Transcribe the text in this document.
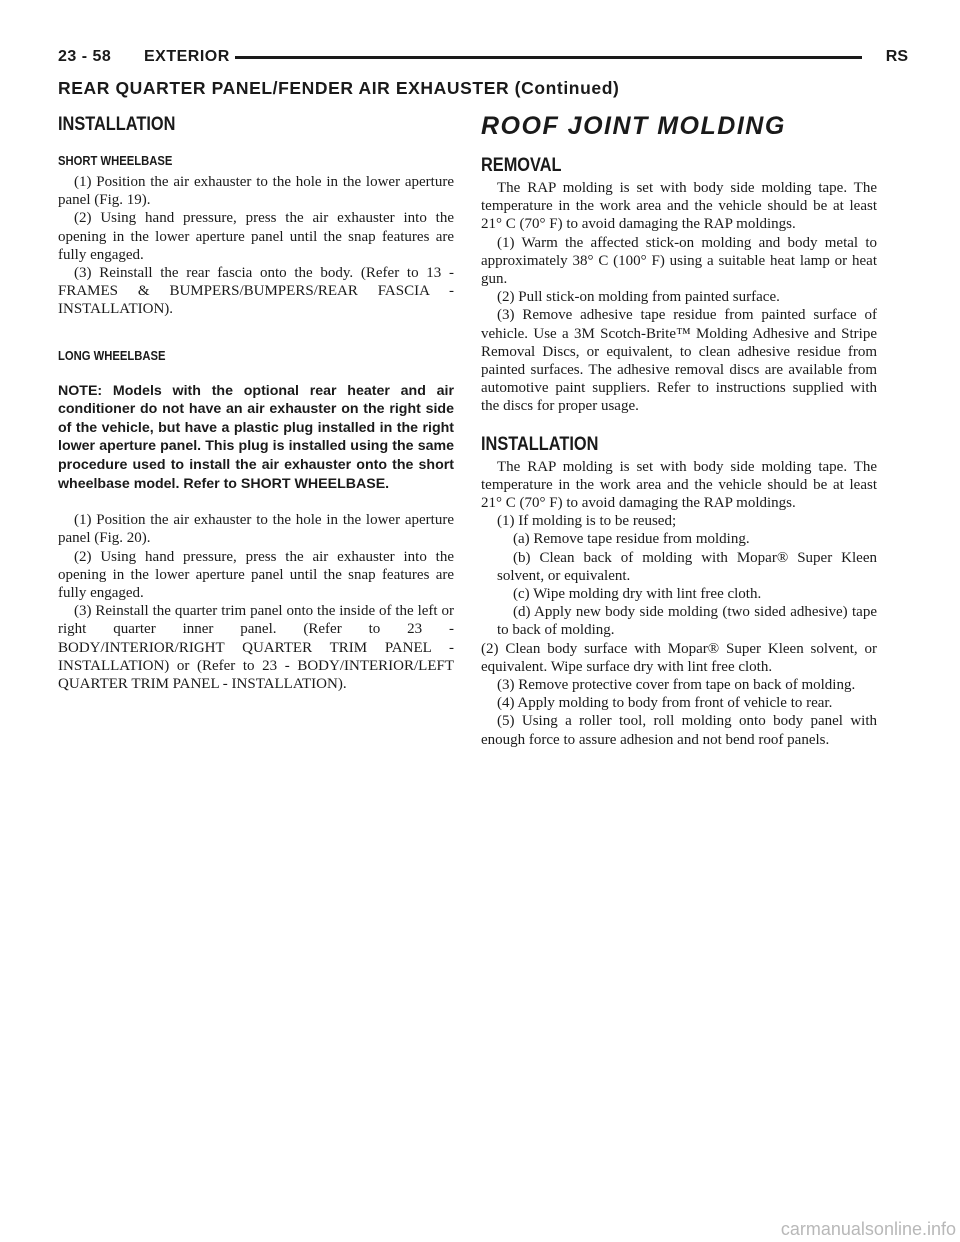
23 - 58 EXTERIOR	RS
REAR QUARTER PANEL/FENDER AIR EXHAUSTER (Continued)
INSTALLATION
SHORT WHEELBASE

(1) Position the air exhauster to the hole in the lower aperture panel (Fig. 19).

(2) Using hand pressure, press the air exhauster into the opening in the lower aperture panel until the snap features are fully engaged.

(3) Reinstall the rear fascia onto the body. (Refer to 13 - FRAMES & BUMPERS/BUMPERS/REAR FASCIA - INSTALLATION).

LONG WHEELBASE

NOTE: Models with the optional rear heater and air conditioner do not have an air exhauster on the right side of the vehicle, but have a plastic plug installed in the right lower aperture panel. This plug is installed using the same procedure used to install the air exhauster onto the short wheelbase model. Refer to SHORT WHEELBASE.

(1) Position the air exhauster to the hole in the lower aperture panel (Fig. 20).

(2) Using hand pressure, press the air exhauster into the opening in the lower aperture panel until the snap features are fully engaged.

(3) Reinstall the quarter trim panel onto the inside of the left or right quarter inner panel. (Refer to 23 - BODY/INTERIOR/RIGHT QUARTER TRIM PANEL - INSTALLATION) or (Refer to 23 - BODY/INTERIOR/LEFT QUARTER TRIM PANEL - INSTALLATION).

ROOF JOINT MOLDING
REMOVAL

The RAP molding is set with body side molding tape. The temperature in the work area and the vehicle should be at least 21° C (70° F) to avoid damaging the RAP moldings.

(1) Warm the affected stick-on molding and body metal to approximately 38° C (100° F) using a suitable heat lamp or heat gun.

(2) Pull stick-on molding from painted surface.

(3) Remove adhesive tape residue from painted surface of vehicle. Use a 3M Scotch-Brite™ Molding Adhesive and Stripe Removal Discs, or equivalent, to clean adhesive residue from painted surfaces. The adhesive removal discs are available from automotive paint suppliers. Refer to instructions supplied with the discs for proper usage.

INSTALLATION

The RAP molding is set with body side molding tape. The temperature in the work area and the vehicle should be at least 21° C (70° F) to avoid damaging the RAP moldings.

(1) If molding is to be reused;

(a) Remove tape residue from molding.

(b) Clean back of molding with Mopar® Super Kleen solvent, or equivalent.

(c) Wipe molding dry with lint free cloth.

(d) Apply new body side molding (two sided adhesive) tape to back of molding.

(2) Clean body surface with Mopar® Super Kleen solvent, or equivalent. Wipe surface dry with lint free cloth.

(3) Remove protective cover from tape on back of molding.

(4) Apply molding to body from front of vehicle to rear.

(5) Using a roller tool, roll molding onto body panel with enough force to assure adhesion and not bend roof panels.

carmanualsonline.info
